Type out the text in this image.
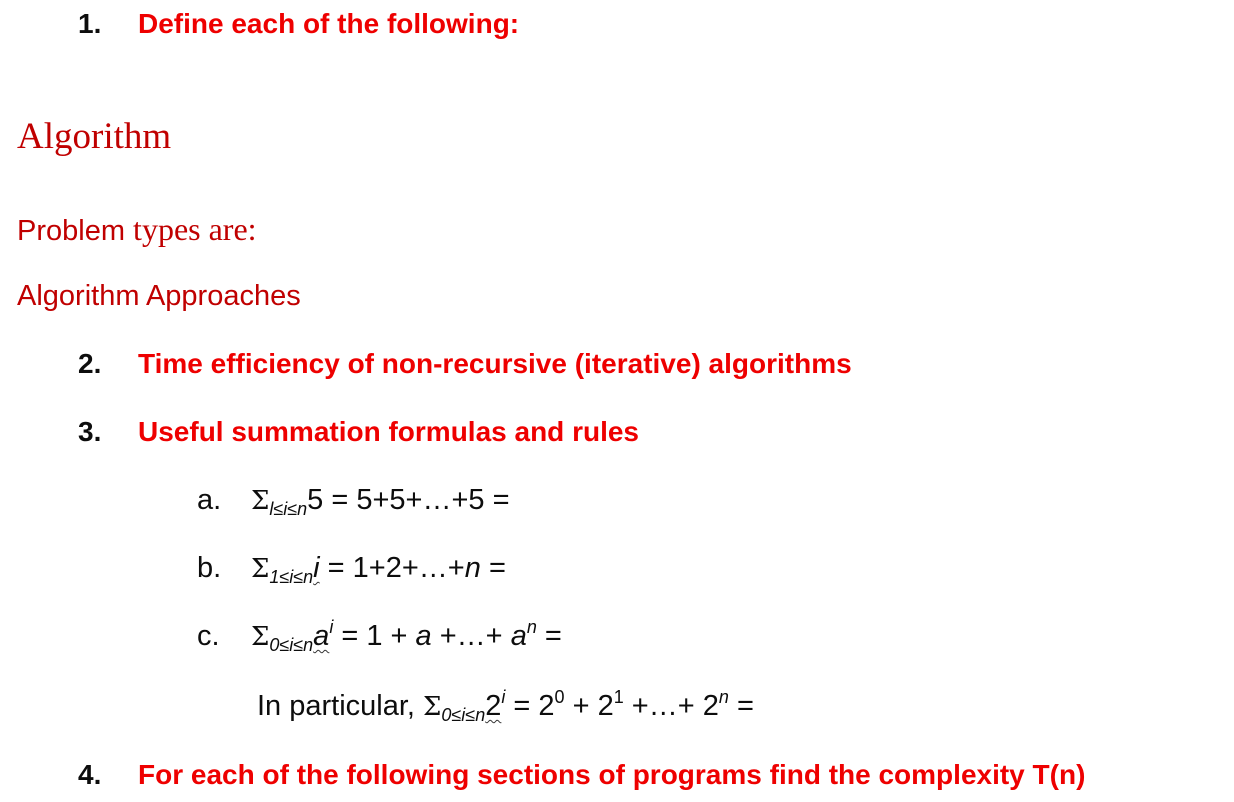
1. Define each of the following:
Algorithm
Problem types are:
Algorithm Approaches
2. Time efficiency of non-recursive (iterative) algorithms
3. Useful summation formulas and rules
a. $\Sigma_{l\le i\le n}5$ = 5+5+…+5 =
b. $\Sigma_{1\le i\le n}i$ = 1+2+…+n =
c. $\Sigma_{0\le i\le n}a^i = 1 + a$ +…+ $a^n$ =
In particular, $\Sigma_{0\le i\le n}2^i = 2^0 + 2^1$ +…+ $2^n$ =
4. For each of the following sections of programs find the complexity T(n)
